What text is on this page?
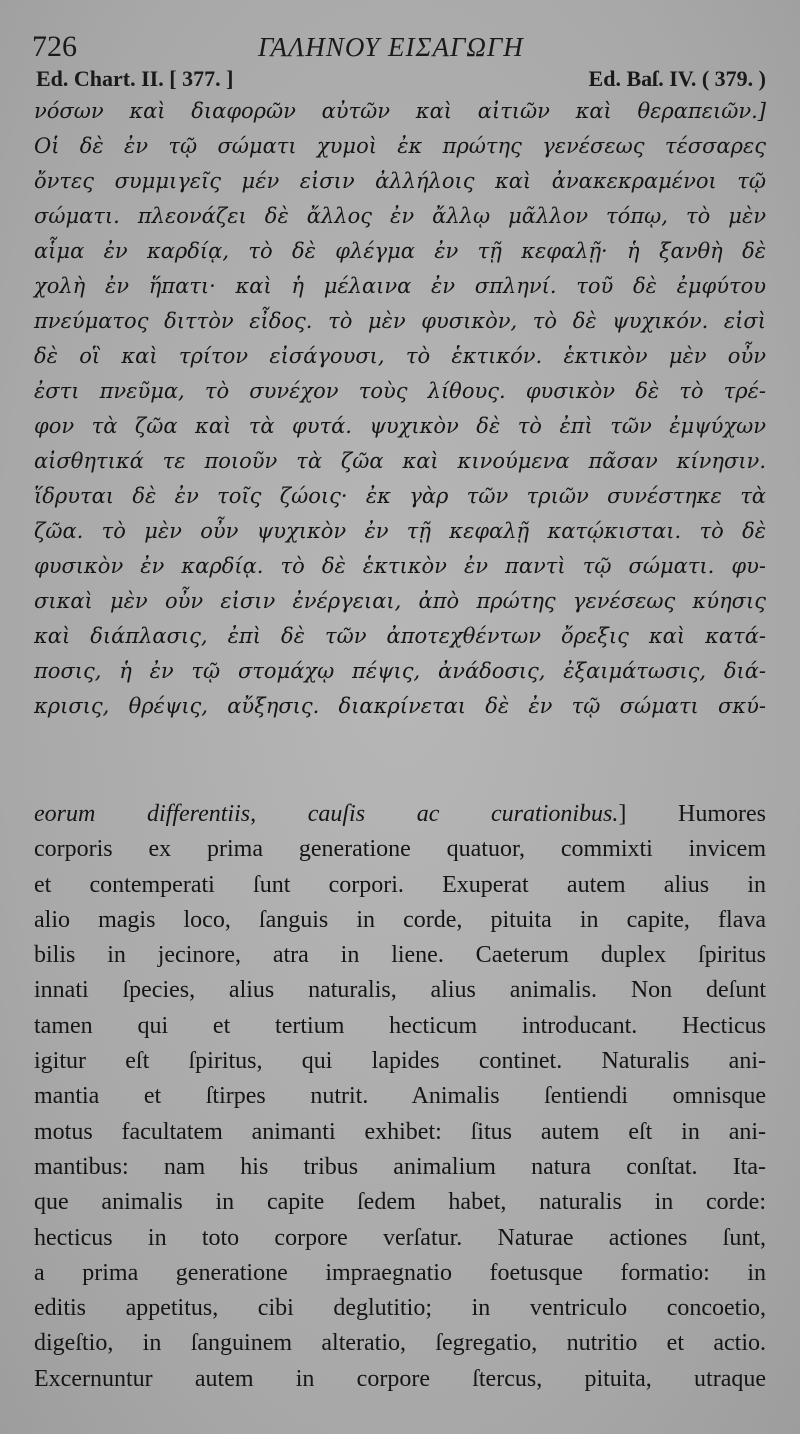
726	ΓΑΛΗΝΟΥ ΕΙΣΑΓΩΓΗ
Ed. Chart. II. [ 377. ]	Ed. Baſ. IV. ( 379. )
νόσων καὶ διαφορῶν αὐτῶν καὶ αἰτιῶν καὶ θεραπειῶν.]
Οἱ δὲ ἐν τῷ σώματι χυμοὶ ἐκ πρώτης γενέσεως τέσσαρες
ὄντες συμμιγεῖς μέν εἰσιν ἀλλήλοις καὶ ἀνακεκραμένοι τῷ
σώματι. πλεονάζει δὲ ἄλλος ἐν ἄλλῳ μᾶλλον τόπῳ, τὸ μὲν
αἷμα ἐν καρδίᾳ, τὸ δὲ φλέγμα ἐν τῇ κεφαλῇ· ἡ ξανθὴ δὲ
χολὴ ἐν ἥπατι· καὶ ἡ μέλαινα ἐν σπληνί. τοῦ δὲ ἐμφύτου
πνεύματος διττὸν εἶδος. τὸ μὲν φυσικὸν, τὸ δὲ ψυχικόν. εἰσὶ
δὲ οἳ καὶ τρίτον εἰσάγουσι, τὸ ἑκτικόν. ἑκτικὸν μὲν οὖν
ἐστι πνεῦμα, τὸ συνέχον τοὺς λίθους. φυσικὸν δὲ τὸ τρέ-
φον τὰ ζῶα καὶ τὰ φυτά. ψυχικὸν δὲ τὸ ἐπὶ τῶν ἐμψύχων
αἰσθητικά τε ποιοῦν τὰ ζῶα καὶ κινούμενα πᾶσαν κίνησιν.
ἵδρυται δὲ ἐν τοῖς ζώοις· ἐκ γὰρ τῶν τριῶν συνέστηκε τὰ
ζῶα. τὸ μὲν οὖν ψυχικὸν ἐν τῇ κεφαλῇ κατῴκισται. τὸ δὲ
φυσικὸν ἐν καρδίᾳ. τὸ δὲ ἑκτικὸν ἐν παντὶ τῷ σώματι. φυ-
σικαὶ μὲν οὖν εἰσιν ἐνέργειαι, ἀπὸ πρώτης γενέσεως κύησις
καὶ διάπλασις, ἐπὶ δὲ τῶν ἀποτεχθέντων ὄρεξις καὶ κατά-
ποσις, ἡ ἐν τῷ στομάχῳ πέψις, ἀνάδοσις, ἐξαιμάτωσις, διά-
κρισις, θρέψις, αὔξησις. διακρίνεται δὲ ἐν τῷ σώματι σκύ-
eorum differentiis, cauſis ac curationibus.] Humores
corporis ex prima generatione quatuor, commixti invicem
et contemperati ſunt corpori. Exuperat autem alius in
alio magis loco, ſanguis in corde, pituita in capite, flava
bilis in jecinore, atra in liene. Caeterum duplex ſpiritus
innati ſpecies, alius naturalis, alius animalis. Non deſunt
tamen qui et tertium hecticum introducant. Hecticus
igitur eſt ſpiritus, qui lapides continet. Naturalis ani-
mantia et ſtirpes nutrit. Animalis ſentiendi omnisque
motus facultatem animanti exhibet: ſitus autem eſt in ani-
mantibus: nam his tribus animalium natura conſtat. Ita-
que animalis in capite ſedem habet, naturalis in corde:
hecticus in toto corpore verſatur. Naturae actiones ſunt,
a prima generatione impraegnatio foetusque formatio: in
editis appetitus, cibi deglutitio; in ventriculo concoetio,
digeſtio, in ſanguinem alteratio, ſegregatio, nutritio et actio.
Excernuntur autem in corpore ſtercus, pituita, utraque
